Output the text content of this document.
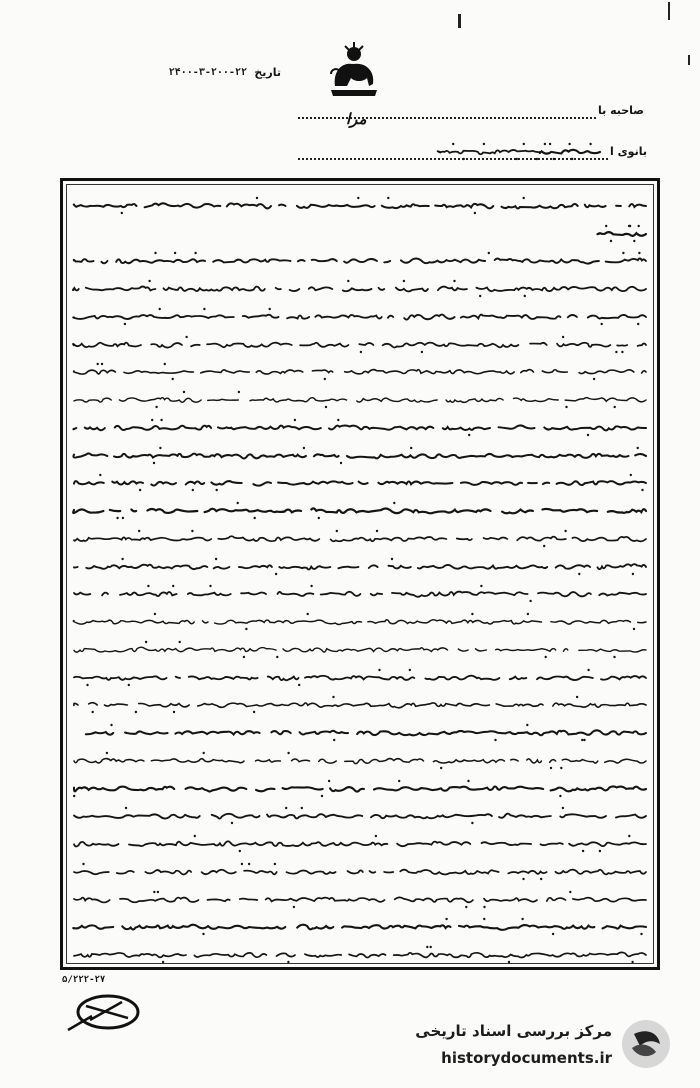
تاریخ
۲۴۰۰-۳-۲۰۰-۲۲
صاحبه با
مرا
بانوی ا
۵/۲۲۲-۲۷
مرکز بررسی اسناد تاریخی
historydocuments.ir
